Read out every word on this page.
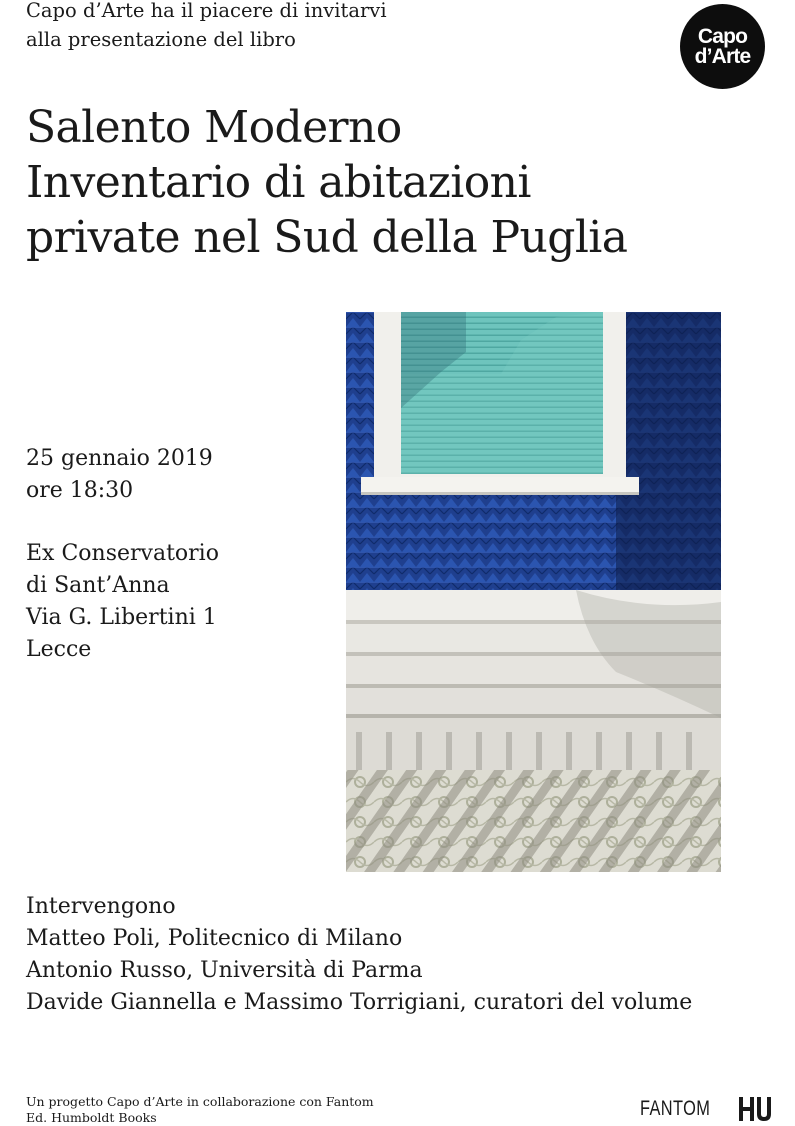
Capo d’Arte ha il piacere di invitarvi
alla presentazione del libro	Capo
d’Arte
Salento Moderno
Inventario di abitazioni
private nel Sud della Puglia
25 gennaio 2019
ore 18:30
Ex Conservatorio
di Sant’Anna
Via G. Libertini 1
Lecce
Intervengono
Matteo Poli, Politecnico di Milano
Antonio Russo, Università di Parma
Davide Giannella e Massimo Torrigiani, curatori del volume
Un progetto Capo d’Arte in collaborazione con Fantom
Ed. Humboldt Books	FANTOM
